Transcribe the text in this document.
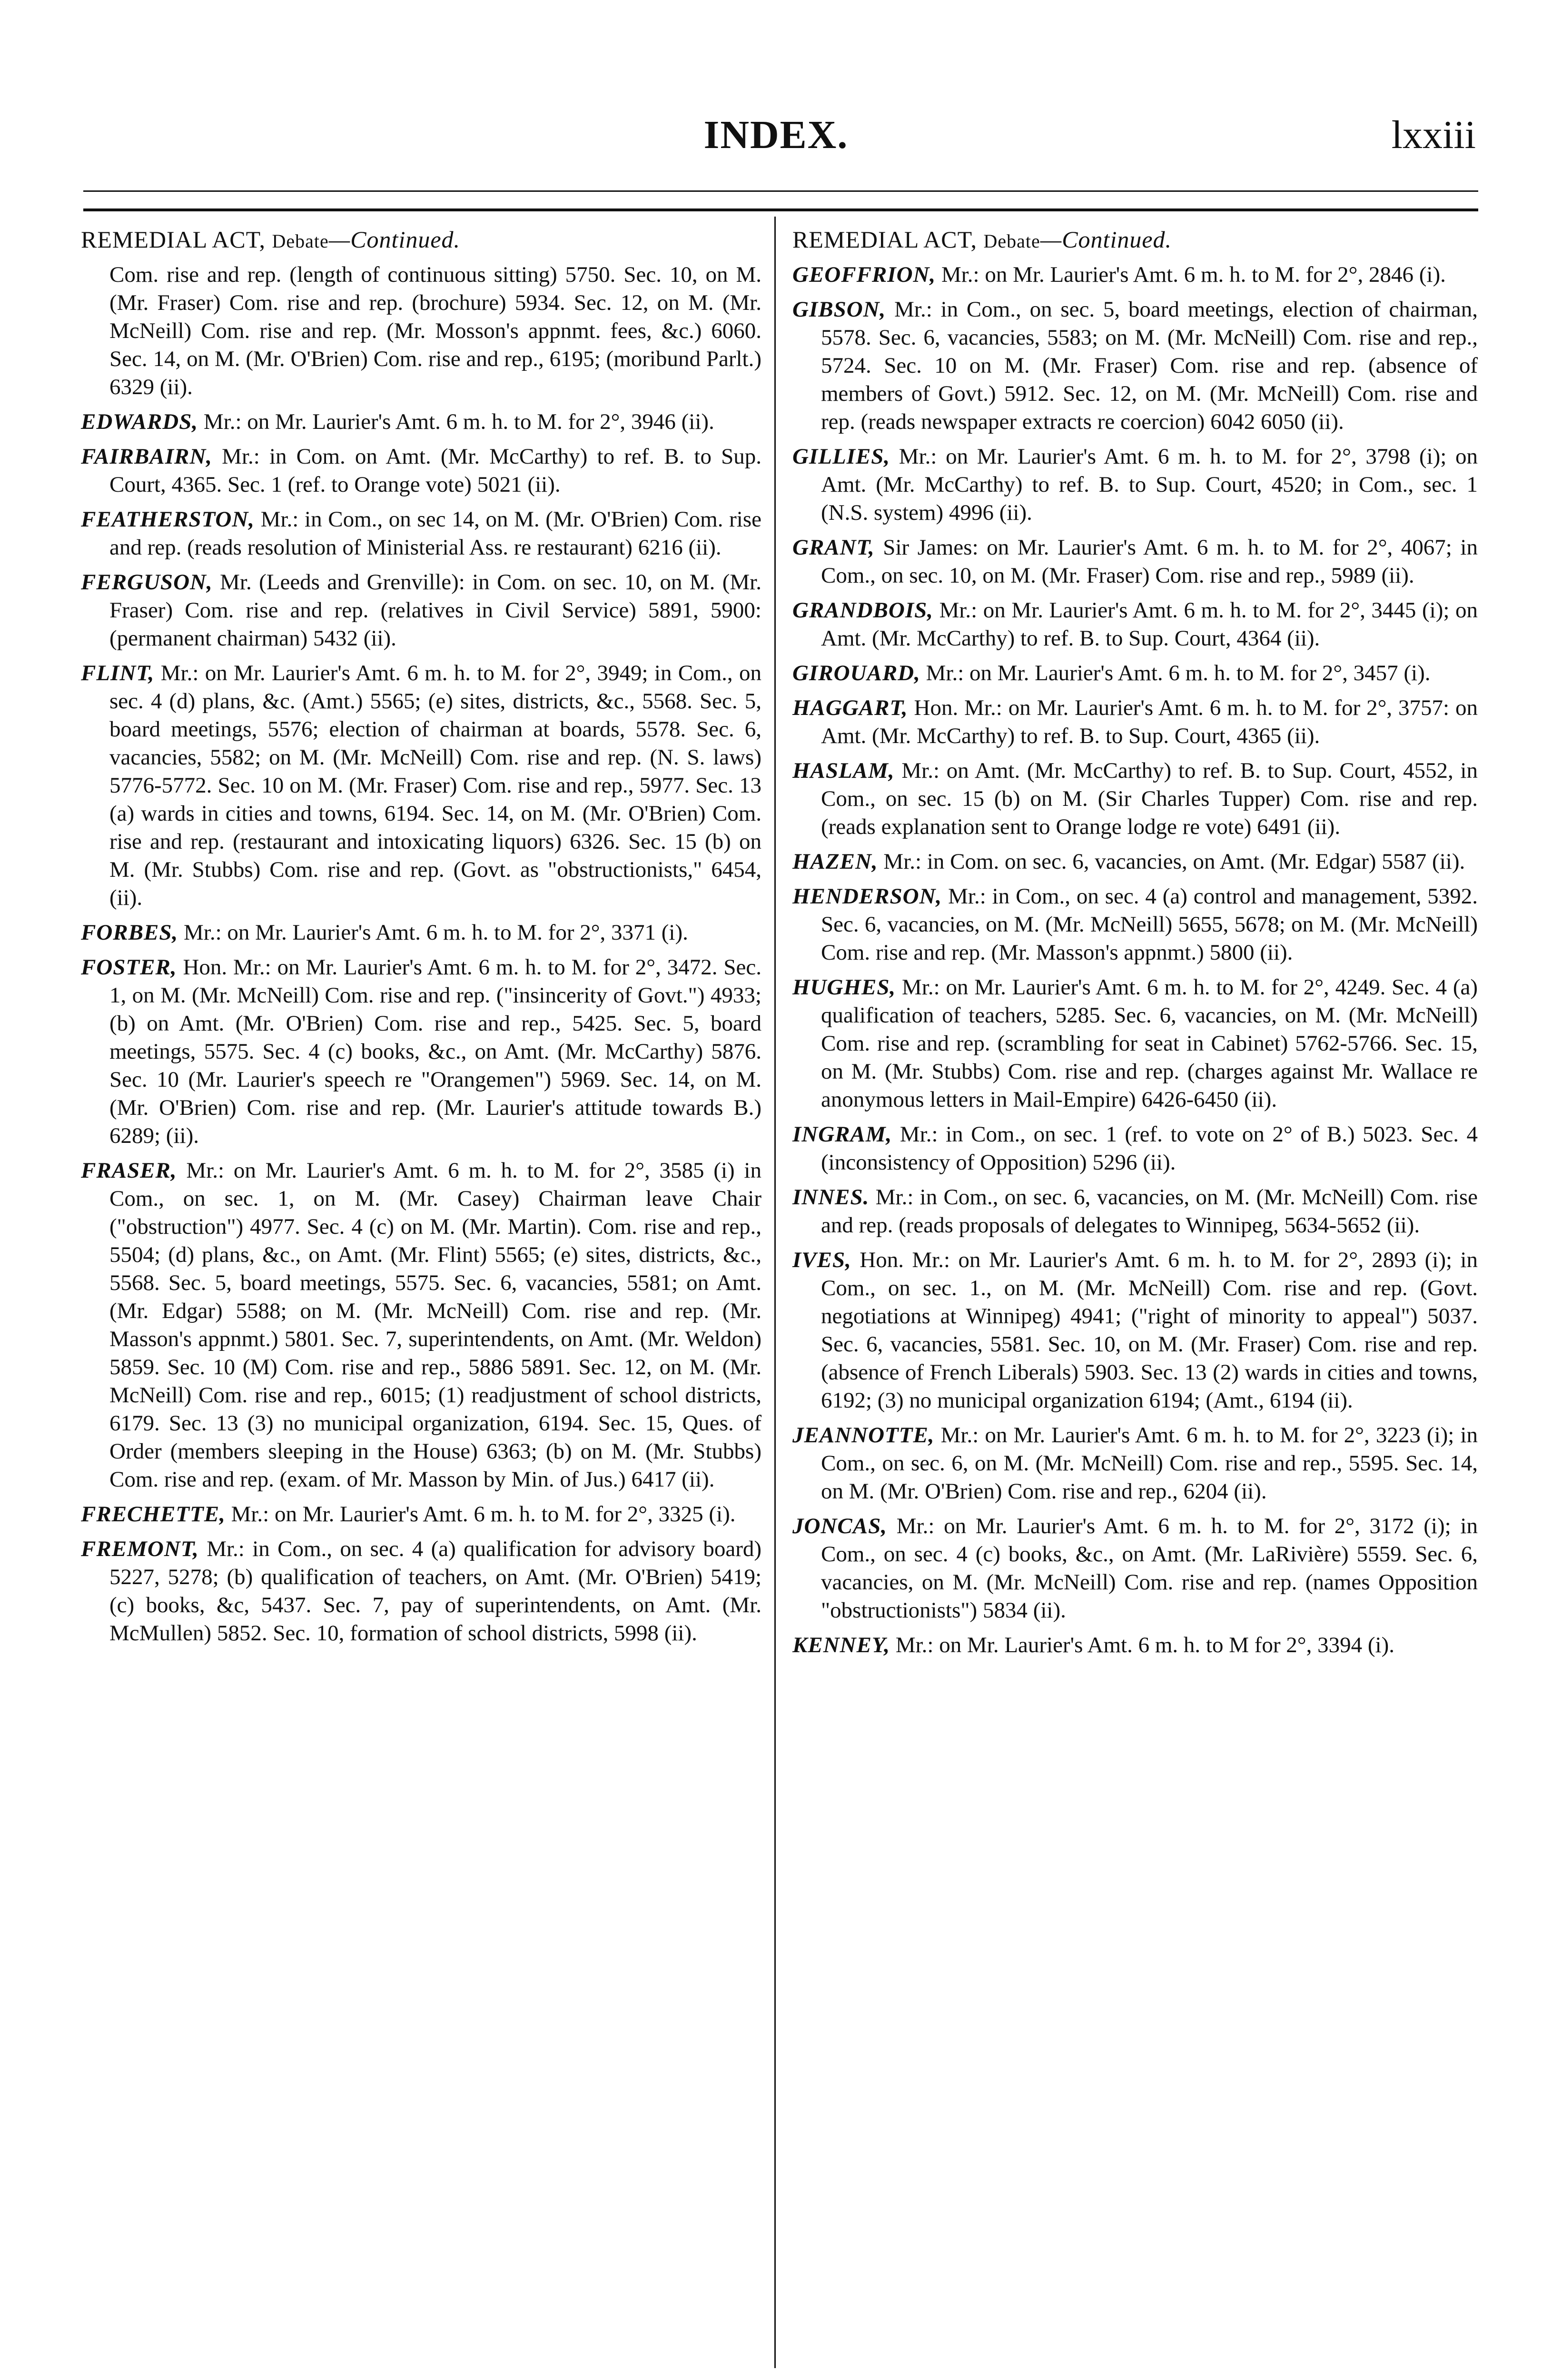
INDEX.	lxxiii
REMEDIAL ACT, Debate—Continued.

Com. rise and rep. (length of continuous sitting) 5750. Sec. 10, on M. (Mr. Fraser) Com. rise and rep. (brochure) 5934. Sec. 12, on M. (Mr. McNeill) Com. rise and rep. (Mr. Mosson's appnmt. fees, &c.) 6060. Sec. 14, on M. (Mr. O'Brien) Com. rise and rep., 6195; (moribund Parlt.) 6329 (ii).

EDWARDS, Mr.: on Mr. Laurier's Amt. 6 m. h. to M. for 2°, 3946 (ii).

FAIRBAIRN, Mr.: in Com. on Amt. (Mr. McCarthy) to ref. B. to Sup. Court, 4365. Sec. 1 (ref. to Orange vote) 5021 (ii).

FEATHERSTON, Mr.: in Com., on sec 14, on M. (Mr. O'Brien) Com. rise and rep. (reads resolution of Ministerial Ass. re restaurant) 6216 (ii).

FERGUSON, Mr. (Leeds and Grenville): in Com. on sec. 10, on M. (Mr. Fraser) Com. rise and rep. (relatives in Civil Service) 5891, 5900: (permanent chairman) 5432 (ii).

FLINT, Mr.: on Mr. Laurier's Amt. 6 m. h. to M. for 2°, 3949; in Com., on sec. 4 (d) plans, &c. (Amt.) 5565; (e) sites, districts, &c., 5568. Sec. 5, board meetings, 5576; election of chairman at boards, 5578. Sec. 6, vacancies, 5582; on M. (Mr. McNeill) Com. rise and rep. (N. S. laws) 5776-5772. Sec. 10 on M. (Mr. Fraser) Com. rise and rep., 5977. Sec. 13 (a) wards in cities and towns, 6194. Sec. 14, on M. (Mr. O'Brien) Com. rise and rep. (restaurant and intoxicating liquors) 6326. Sec. 15 (b) on M. (Mr. Stubbs) Com. rise and rep. (Govt. as "obstructionists," 6454, (ii).

FORBES, Mr.: on Mr. Laurier's Amt. 6 m. h. to M. for 2°, 3371 (i).

FOSTER, Hon. Mr.: on Mr. Laurier's Amt. 6 m. h. to M. for 2°, 3472. Sec. 1, on M. (Mr. McNeill) Com. rise and rep. ("insincerity of Govt.") 4933; (b) on Amt. (Mr. O'Brien) Com. rise and rep., 5425. Sec. 5, board meetings, 5575. Sec. 4 (c) books, &c., on Amt. (Mr. McCarthy) 5876. Sec. 10 (Mr. Laurier's speech re "Orangemen") 5969. Sec. 14, on M. (Mr. O'Brien) Com. rise and rep. (Mr. Laurier's attitude towards B.) 6289; (ii).

FRASER, Mr.: on Mr. Laurier's Amt. 6 m. h. to M. for 2°, 3585 (i) in Com., on sec. 1, on M. (Mr. Casey) Chairman leave Chair ("obstruction") 4977. Sec. 4 (c) on M. (Mr. Martin). Com. rise and rep., 5504; (d) plans, &c., on Amt. (Mr. Flint) 5565; (e) sites, districts, &c., 5568. Sec. 5, board meetings, 5575. Sec. 6, vacancies, 5581; on Amt. (Mr. Edgar) 5588; on M. (Mr. McNeill) Com. rise and rep. (Mr. Masson's appnmt.) 5801. Sec. 7, superintendents, on Amt. (Mr. Weldon) 5859. Sec. 10 (M) Com. rise and rep., 5886 5891. Sec. 12, on M. (Mr. McNeill) Com. rise and rep., 6015; (1) readjustment of school districts, 6179. Sec. 13 (3) no municipal organization, 6194. Sec. 15, Ques. of Order (members sleeping in the House) 6363; (b) on M. (Mr. Stubbs) Com. rise and rep. (exam. of Mr. Masson by Min. of Jus.) 6417 (ii).

FRECHETTE, Mr.: on Mr. Laurier's Amt. 6 m. h. to M. for 2°, 3325 (i).

FREMONT, Mr.: in Com., on sec. 4 (a) qualification for advisory board) 5227, 5278; (b) qualification of teachers, on Amt. (Mr. O'Brien) 5419; (c) books, &c, 5437. Sec. 7, pay of superintendents, on Amt. (Mr. McMullen) 5852. Sec. 10, formation of school districts, 5998 (ii).

REMEDIAL ACT, Debate—Continued.

GEOFFRION, Mr.: on Mr. Laurier's Amt. 6 m. h. to M. for 2°, 2846 (i).

GIBSON, Mr.: in Com., on sec. 5, board meetings, election of chairman, 5578. Sec. 6, vacancies, 5583; on M. (Mr. McNeill) Com. rise and rep., 5724. Sec. 10 on M. (Mr. Fraser) Com. rise and rep. (absence of members of Govt.) 5912. Sec. 12, on M. (Mr. McNeill) Com. rise and rep. (reads newspaper extracts re coercion) 6042 6050 (ii).

GILLIES, Mr.: on Mr. Laurier's Amt. 6 m. h. to M. for 2°, 3798 (i); on Amt. (Mr. McCarthy) to ref. B. to Sup. Court, 4520; in Com., sec. 1 (N.S. system) 4996 (ii).

GRANT, Sir James: on Mr. Laurier's Amt. 6 m. h. to M. for 2°, 4067; in Com., on sec. 10, on M. (Mr. Fraser) Com. rise and rep., 5989 (ii).

GRANDBOIS, Mr.: on Mr. Laurier's Amt. 6 m. h. to M. for 2°, 3445 (i); on Amt. (Mr. McCarthy) to ref. B. to Sup. Court, 4364 (ii).

GIROUARD, Mr.: on Mr. Laurier's Amt. 6 m. h. to M. for 2°, 3457 (i).

HAGGART, Hon. Mr.: on Mr. Laurier's Amt. 6 m. h. to M. for 2°, 3757: on Amt. (Mr. McCarthy) to ref. B. to Sup. Court, 4365 (ii).

HASLAM, Mr.: on Amt. (Mr. McCarthy) to ref. B. to Sup. Court, 4552, in Com., on sec. 15 (b) on M. (Sir Charles Tupper) Com. rise and rep. (reads explanation sent to Orange lodge re vote) 6491 (ii).

HAZEN, Mr.: in Com. on sec. 6, vacancies, on Amt. (Mr. Edgar) 5587 (ii).

HENDERSON, Mr.: in Com., on sec. 4 (a) control and management, 5392. Sec. 6, vacancies, on M. (Mr. McNeill) 5655, 5678; on M. (Mr. McNeill) Com. rise and rep. (Mr. Masson's appnmt.) 5800 (ii).

HUGHES, Mr.: on Mr. Laurier's Amt. 6 m. h. to M. for 2°, 4249. Sec. 4 (a) qualification of teachers, 5285. Sec. 6, vacancies, on M. (Mr. McNeill) Com. rise and rep. (scrambling for seat in Cabinet) 5762-5766. Sec. 15, on M. (Mr. Stubbs) Com. rise and rep. (charges against Mr. Wallace re anonymous letters in Mail-Empire) 6426-6450 (ii).

INGRAM, Mr.: in Com., on sec. 1 (ref. to vote on 2° of B.) 5023. Sec. 4 (inconsistency of Opposition) 5296 (ii).

INNES. Mr.: in Com., on sec. 6, vacancies, on M. (Mr. McNeill) Com. rise and rep. (reads proposals of delegates to Winnipeg, 5634-5652 (ii).

IVES, Hon. Mr.: on Mr. Laurier's Amt. 6 m. h. to M. for 2°, 2893 (i); in Com., on sec. 1., on M. (Mr. McNeill) Com. rise and rep. (Govt. negotiations at Winnipeg) 4941; ("right of minority to appeal") 5037. Sec. 6, vacancies, 5581. Sec. 10, on M. (Mr. Fraser) Com. rise and rep. (absence of French Liberals) 5903. Sec. 13 (2) wards in cities and towns, 6192; (3) no municipal organization 6194; (Amt., 6194 (ii).

JEANNOTTE, Mr.: on Mr. Laurier's Amt. 6 m. h. to M. for 2°, 3223 (i); in Com., on sec. 6, on M. (Mr. McNeill) Com. rise and rep., 5595. Sec. 14, on M. (Mr. O'Brien) Com. rise and rep., 6204 (ii).

JONCAS, Mr.: on Mr. Laurier's Amt. 6 m. h. to M. for 2°, 3172 (i); in Com., on sec. 4 (c) books, &c., on Amt. (Mr. LaRivière) 5559. Sec. 6, vacancies, on M. (Mr. McNeill) Com. rise and rep. (names Opposition "obstructionists") 5834 (ii).

KENNEY, Mr.: on Mr. Laurier's Amt. 6 m. h. to M for 2°, 3394 (i).
